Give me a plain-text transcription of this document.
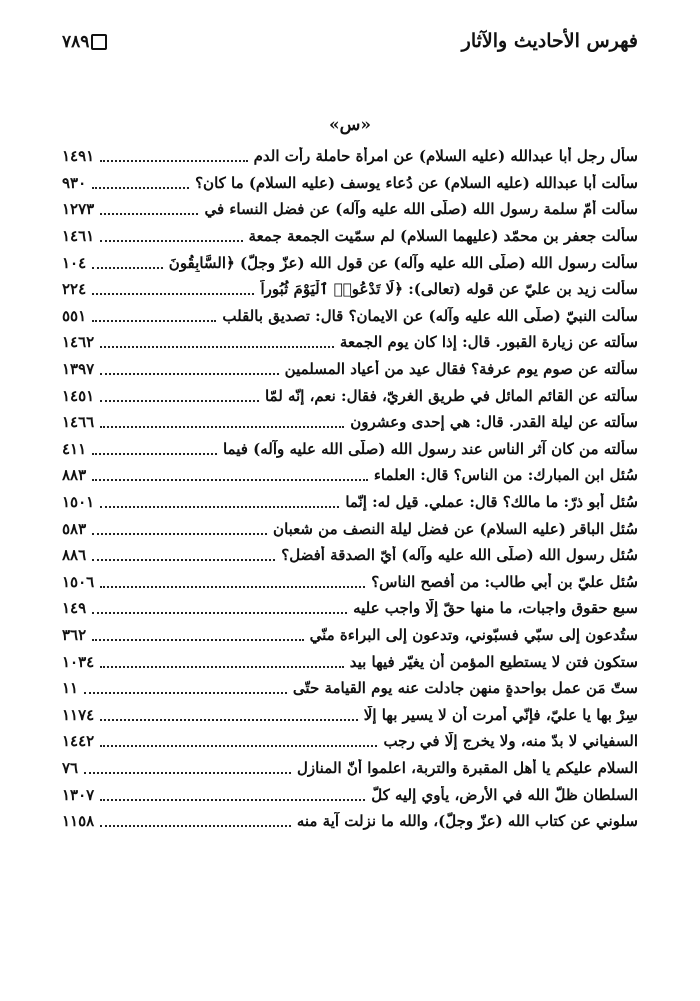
فهرس الأحاديث والآثار
٧٨٩
«س»
سأل رجل أبا عبدالله (عليه السلام) عن امرأة حاملة رأت الدم
١٤٩١
سألت أبا عبدالله (عليه السلام) عن دُعاء يوسف (عليه السلام) ما كان؟
٩٣٠
سألت أُمّ سلمة رسول الله (صلّى الله عليه وآله) عن فضل النساء في
١٢٧٣
سألت جعفر بن محمّد (عليهما السلام) لم سمّيت الجمعة جمعة
١٤٦١
سألت رسول الله (صلّى الله عليه وآله) عن قول الله (عزّ وجلّ) ﴿السَّابِقُونَ
١٠٤
سألت زيد بن عليّ عن قوله (تعالى): ﴿لَا تَدْعُوا۟ ٱلْيَوْمَ ثُبُوراً
٢٢٤
سألت النبيّ (صلّى الله عليه وآله) عن الايمان؟ قال: تصديق بالقلب
٥٥١
سألته عن زيارة القبور. قال: إذا كان يوم الجمعة
١٤٦٢
سألته عن صوم يوم عرفة؟ فقال عيد من أعياد المسلمين
١٣٩٧
سألته عن القائم المائل في طريق الغريّ، فقال: نعم، إنّه لمّا
١٤٥١
سألته عن ليلة القدر. قال: هي إحدى وعشرون
١٤٦٦
سألته من كان آثر الناس عند رسول الله (صلّى الله عليه وآله) فيما
٤١١
سُئل ابن المبارك: من الناس؟ قال: العلماء
٨٨٣
سُئل أبو ذرّ: ما مالك؟ قال: عملي. قيل له: إنّما
١٥٠١
سُئل الباقر (عليه السلام) عن فضل ليلة النصف من شعبان
٥٨٣
سُئل رسول الله (صلّى الله عليه وآله) أيّ الصدقة أفضل؟
٨٨٦
سُئل عليّ بن أبي طالب: من أفصح الناس؟
١٥٠٦
سبع حقوق واجبات، ما منها حقّ إلّا واجب عليه
١٤٩
ستُدعون إلى سبّي فسبّوني، وتدعون إلى البراءة منّي
٣٦٢
ستكون فتن لا يستطيع المؤمن أن يغيّر فيها بيد
١٠٣٤
ستّ مَن عمل بواحدةٍ منهن جادلت عنه يوم القيامة حتّى
١١
سِرْ بها يا عليّ، فإنّي أُمرت أن لا يسير بها إلّا
١١٧٤
السفياني لا بدّ منه، ولا يخرج إلّا في رجب
١٤٤٢
السلام عليكم يا أهل المقبرة والتربة، اعلموا أنّ المنازل
٧٦
السلطان ظلّ الله في الأرض، يأوي إليه كلّ
١٣٠٧
سلوني عن كتاب الله (عزّ وجلّ)، والله ما نزلت آية منه
١١٥٨
